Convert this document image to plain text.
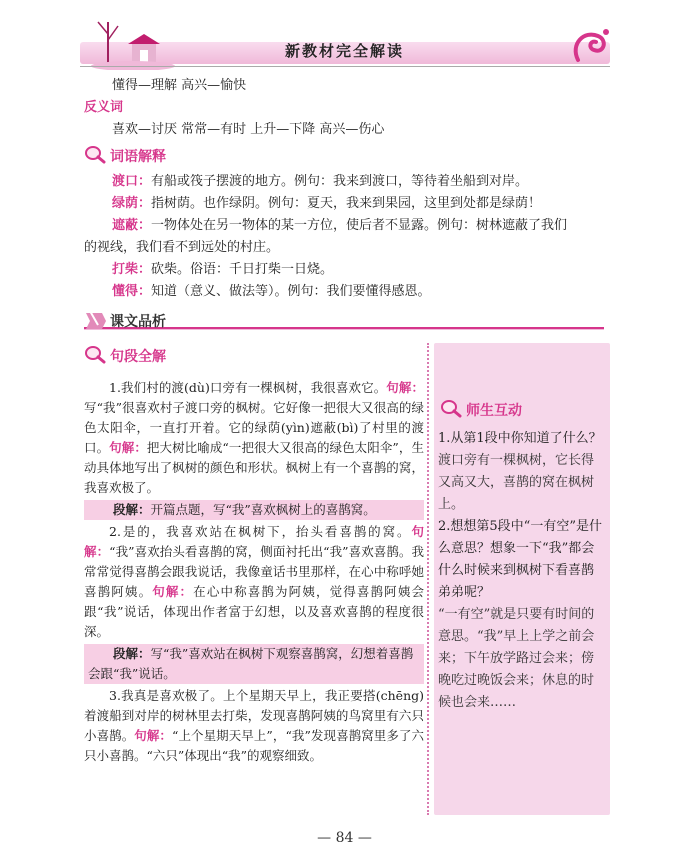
新教材完全解读
懂得—理解 高兴—愉快
反义词
喜欢—讨厌 常常—有时 上升—下降 高兴—伤心
词语解释
渡口：有船或筏子摆渡的地方。例句：我来到渡口，等待着坐船到对岸。
绿荫：指树荫。也作绿阴。例句：夏天，我来到果园，这里到处都是绿荫！
遮蔽：一物体处在另一物体的某一方位，使后者不显露。例句：树林遮蔽了我们
的视线，我们看不到远处的村庄。
打柴：砍柴。俗语：千日打柴一日烧。
懂得：知道（意义、做法等）。例句：我们要懂得感恩。
课文品析
句段全解

1.我们村的渡(dù)口旁有一棵枫树，我很喜欢它。句解：写“我”很喜欢村子渡口旁的枫树。它好像一把很大又很高的绿色太阳伞，一直打开着。它的绿荫(yìn)遮蔽(bì)了村里的渡口。句解：把大树比喻成“一把很大又很高的绿色太阳伞”，生动具体地写出了枫树的颜色和形状。枫树上有一个喜鹊的窝，我喜欢极了。

段解：开篇点题，写“我”喜欢枫树上的喜鹊窝。

2.是的，我喜欢站在枫树下，抬头看喜鹊的窝。句解：“我”喜欢抬头看喜鹊的窝，侧面衬托出“我”喜欢喜鹊。我常常觉得喜鹊会跟我说话，我像童话书里那样，在心中称呼她喜鹊阿姨。句解：在心中称喜鹊为阿姨，觉得喜鹊阿姨会跟“我”说话，体现出作者富于幻想，以及喜欢喜鹊的程度很深。

段解：写“我”喜欢站在枫树下观察喜鹊窝，幻想着喜鹊会跟“我”说话。

3.我真是喜欢极了。上个星期天早上，我正要搭(chēng)着渡船到对岸的树林里去打柴，发现喜鹊阿姨的鸟窝里有六只小喜鹊。句解：“上个星期天早上”，“我”发现喜鹊窝里多了六只小喜鹊。“六只”体现出“我”的观察细致。

师生互动

1.从第1段中你知道了什么？

渡口旁有一棵枫树，它长得又高又大，喜鹊的窝在枫树上。

2.想想第5段中“一有空”是什么意思？想象一下“我”都会什么时候来到枫树下看喜鹊弟弟呢？

“一有空”就是只要有时间的意思。“我”早上上学之前会来；下午放学路过会来；傍晚吃过晚饭会来；休息的时候也会来……

— 84 —
